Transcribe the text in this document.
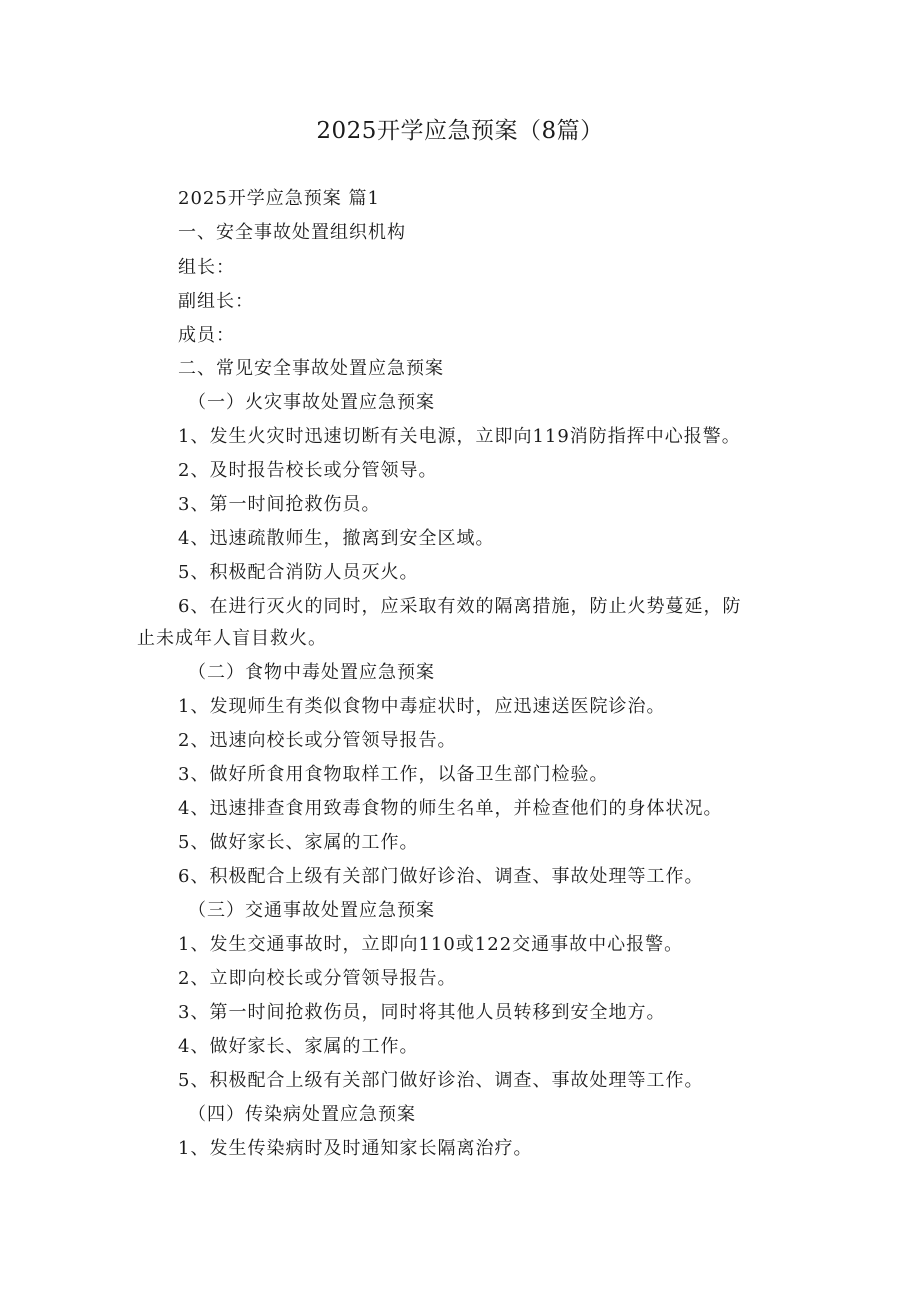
2025开学应急预案（8篇）

2025开学应急预案 篇1

一、安全事故处置组织机构

组长：

副组长：

成员：

二、常见安全事故处置应急预案

（一）火灾事故处置应急预案

1、发生火灾时迅速切断有关电源，立即向119消防指挥中心报警。

2、及时报告校长或分管领导。

3、第一时间抢救伤员。

4、迅速疏散师生，撤离到安全区域。

5、积极配合消防人员灭火。

6、在进行灭火的同时，应采取有效的隔离措施，防止火势蔓延，防

止未成年人盲目救火。

（二）食物中毒处置应急预案

1、发现师生有类似食物中毒症状时，应迅速送医院诊治。

2、迅速向校长或分管领导报告。

3、做好所食用食物取样工作，以备卫生部门检验。

4、迅速排查食用致毒食物的师生名单，并检查他们的身体状况。

5、做好家长、家属的工作。

6、积极配合上级有关部门做好诊治、调查、事故处理等工作。

（三）交通事故处置应急预案

1、发生交通事故时，立即向110或122交通事故中心报警。

2、立即向校长或分管领导报告。

3、第一时间抢救伤员，同时将其他人员转移到安全地方。

4、做好家长、家属的工作。

5、积极配合上级有关部门做好诊治、调查、事故处理等工作。

（四）传染病处置应急预案

1、发生传染病时及时通知家长隔离治疗。
